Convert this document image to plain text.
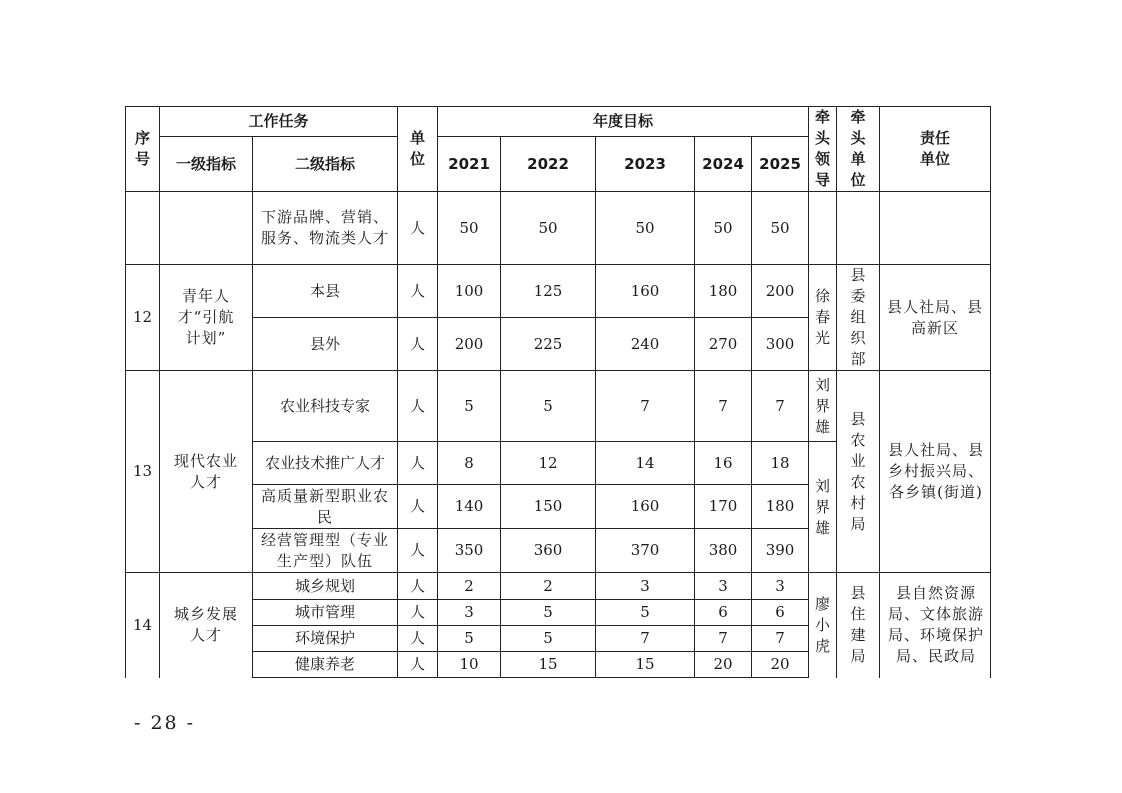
序号	工作任务		单位	年度目标					牵头领导	牵头单位	责任单位
	一级指标	二级指标		2021	2022	2023	2024	2025			
		下游品牌、营销、服务、物流类人才	人	50	50	50	50	50			
12	青年人才“引航计划”	本县	人	100	125	160	180	200	徐春光	县委组织部	县人社局、县高新区
		县外	人	200	225	240	270	300			
13	现代农业人才	农业科技专家	人	5	5	7	7	7	刘界雄	县农业农村局	县人社局、县乡村振兴局、各乡镇(街道)
		农业技术推广人才	人	8	12	14	16	18	刘界雄		
		高质量新型职业农民	人	140	150	160	170	180			
		经营管理型（专业生产型）队伍	人	350	360	370	380	390			
14	城乡发展人才	城乡规划	人	2	2	3	3	3	廖小虎	县住建局	县自然资源局、文体旅游局、环境保护局、民政局
		城市管理	人	3	5	5	6	6			
		环境保护	人	5	5	7	7	7			
		健康养老	人	10	15	15	20	20			
- 28 -
